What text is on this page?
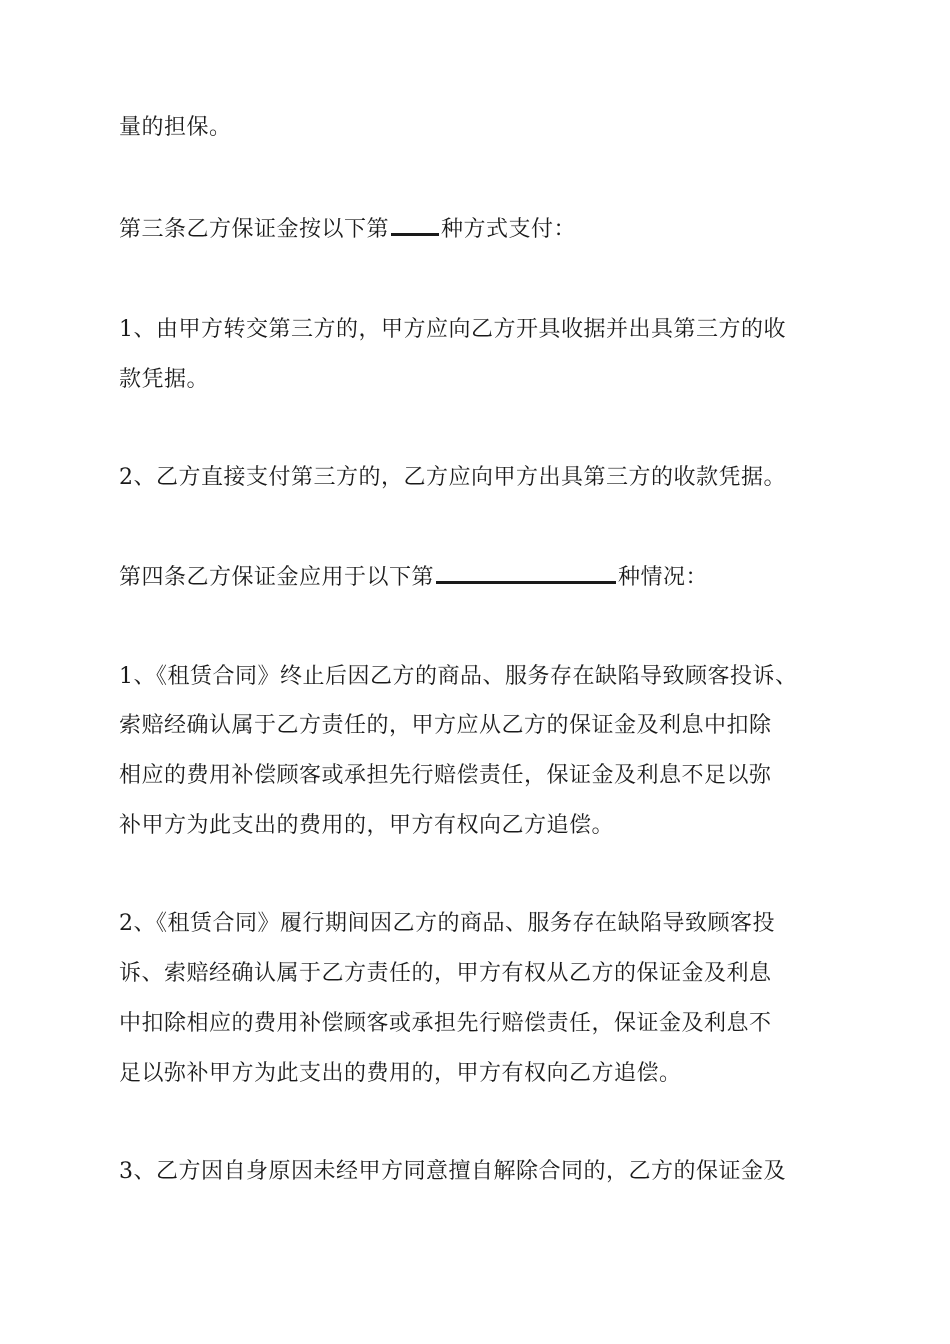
量的担保。
第三条乙方保证金按以下第 种方式支付：
1、由甲方转交第三方的，甲方应向乙方开具收据并出具第三方的收
款凭据。
2、乙方直接支付第三方的，乙方应向甲方出具第三方的收款凭据。
第四条乙方保证金应用于以下第	种情况：
1、《租赁合同》终止后因乙方的商品、服务存在缺陷导致顾客投诉、
索赔经确认属于乙方责任的，甲方应从乙方的保证金及利息中扣除
相应的费用补偿顾客或承担先行赔偿责任，保证金及利息不足以弥
补甲方为此支出的费用的，甲方有权向乙方追偿。
2、《租赁合同》履行期间因乙方的商品、服务存在缺陷导致顾客投
诉、索赔经确认属于乙方责任的，甲方有权从乙方的保证金及利息
中扣除相应的费用补偿顾客或承担先行赔偿责任，保证金及利息不
足以弥补甲方为此支出的费用的，甲方有权向乙方追偿。
3、乙方因自身原因未经甲方同意擅自解除合同的，乙方的保证金及
